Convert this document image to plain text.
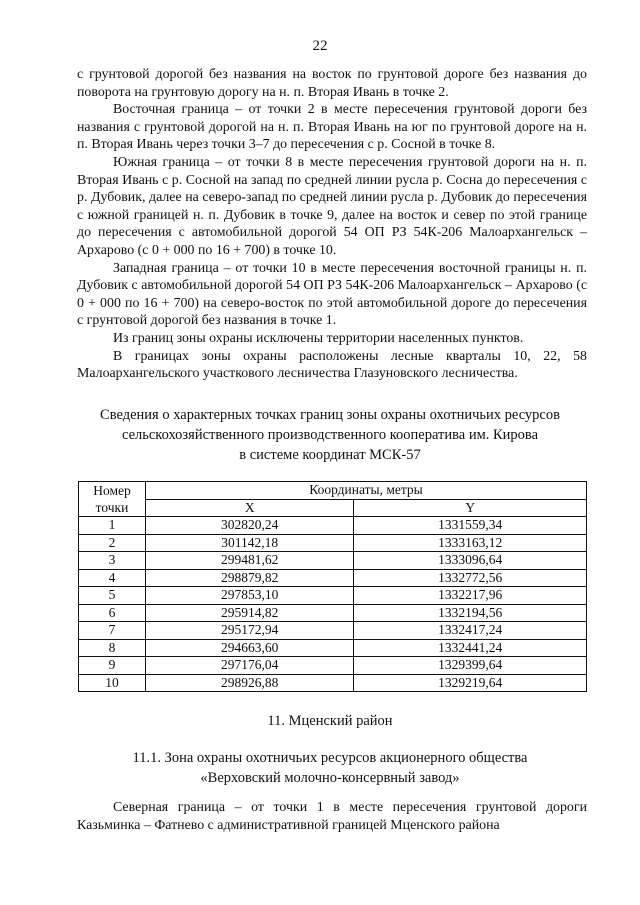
22

с грунтовой дорогой без названия на восток по грунтовой дороге без названия до поворота на грунтовую дорогу на н. п. Вторая Ивань в точке 2.

Восточная граница – от точки 2 в месте пересечения грунтовой дороги без названия с грунтовой дорогой на н. п. Вторая Ивань на юг по грунтовой дороге на н. п. Вторая Ивань через точки 3–7 до пересечения с р. Сосной в точке 8.

Южная граница – от точки 8 в месте пересечения грунтовой дороги на н. п. Вторая Ивань с р. Сосной на запад по средней линии русла р. Сосна до пересечения с р. Дубовик, далее на северо-запад по средней линии русла р. Дубовик до пересечения с южной границей н. п. Дубовик в точке 9, далее на восток и север по этой границе до пересечения с автомобильной дорогой 54 ОП РЗ 54К-206 Малоархангельск – Архарово (с 0 + 000 по 16 + 700) в точке 10.

Западная граница – от точки 10 в месте пересечения восточной границы н. п. Дубовик с автомобильной дорогой 54 ОП РЗ 54К-206 Малоархангельск – Архарово (с 0 + 000 по 16 + 700) на северо-восток по этой автомобильной дороге до пересечения с грунтовой дорогой без названия в точке 1.

Из границ зоны охраны исключены территории населенных пунктов.

В границах зоны охраны расположены лесные кварталы 10, 22, 58 Малоархангельского участкового лесничества Глазуновского лесничества.

Сведения о характерных точках границ зоны охраны охотничьих ресурсов
сельскохозяйственного производственного кооператива им. Кирова
в системе координат МСК-57
Номер	Координаты, метры	
точки	X	Y
1	302820,24	1331559,34
2	301142,18	1333163,12
3	299481,62	1333096,64
4	298879,82	1332772,56
5	297853,10	1332217,96
6	295914,82	1332194,56
7	295172,94	1332417,24
8	294663,60	1332441,24
9	297176,04	1329399,64
10	298926,88	1329219,64
11. Мценский район
11.1. Зона охраны охотничьих ресурсов акционерного общества
«Верховский молочно-консервный завод»

Северная граница – от точки 1 в месте пересечения грунтовой дороги Казьминка – Фатнево с административной границей Мценского района
